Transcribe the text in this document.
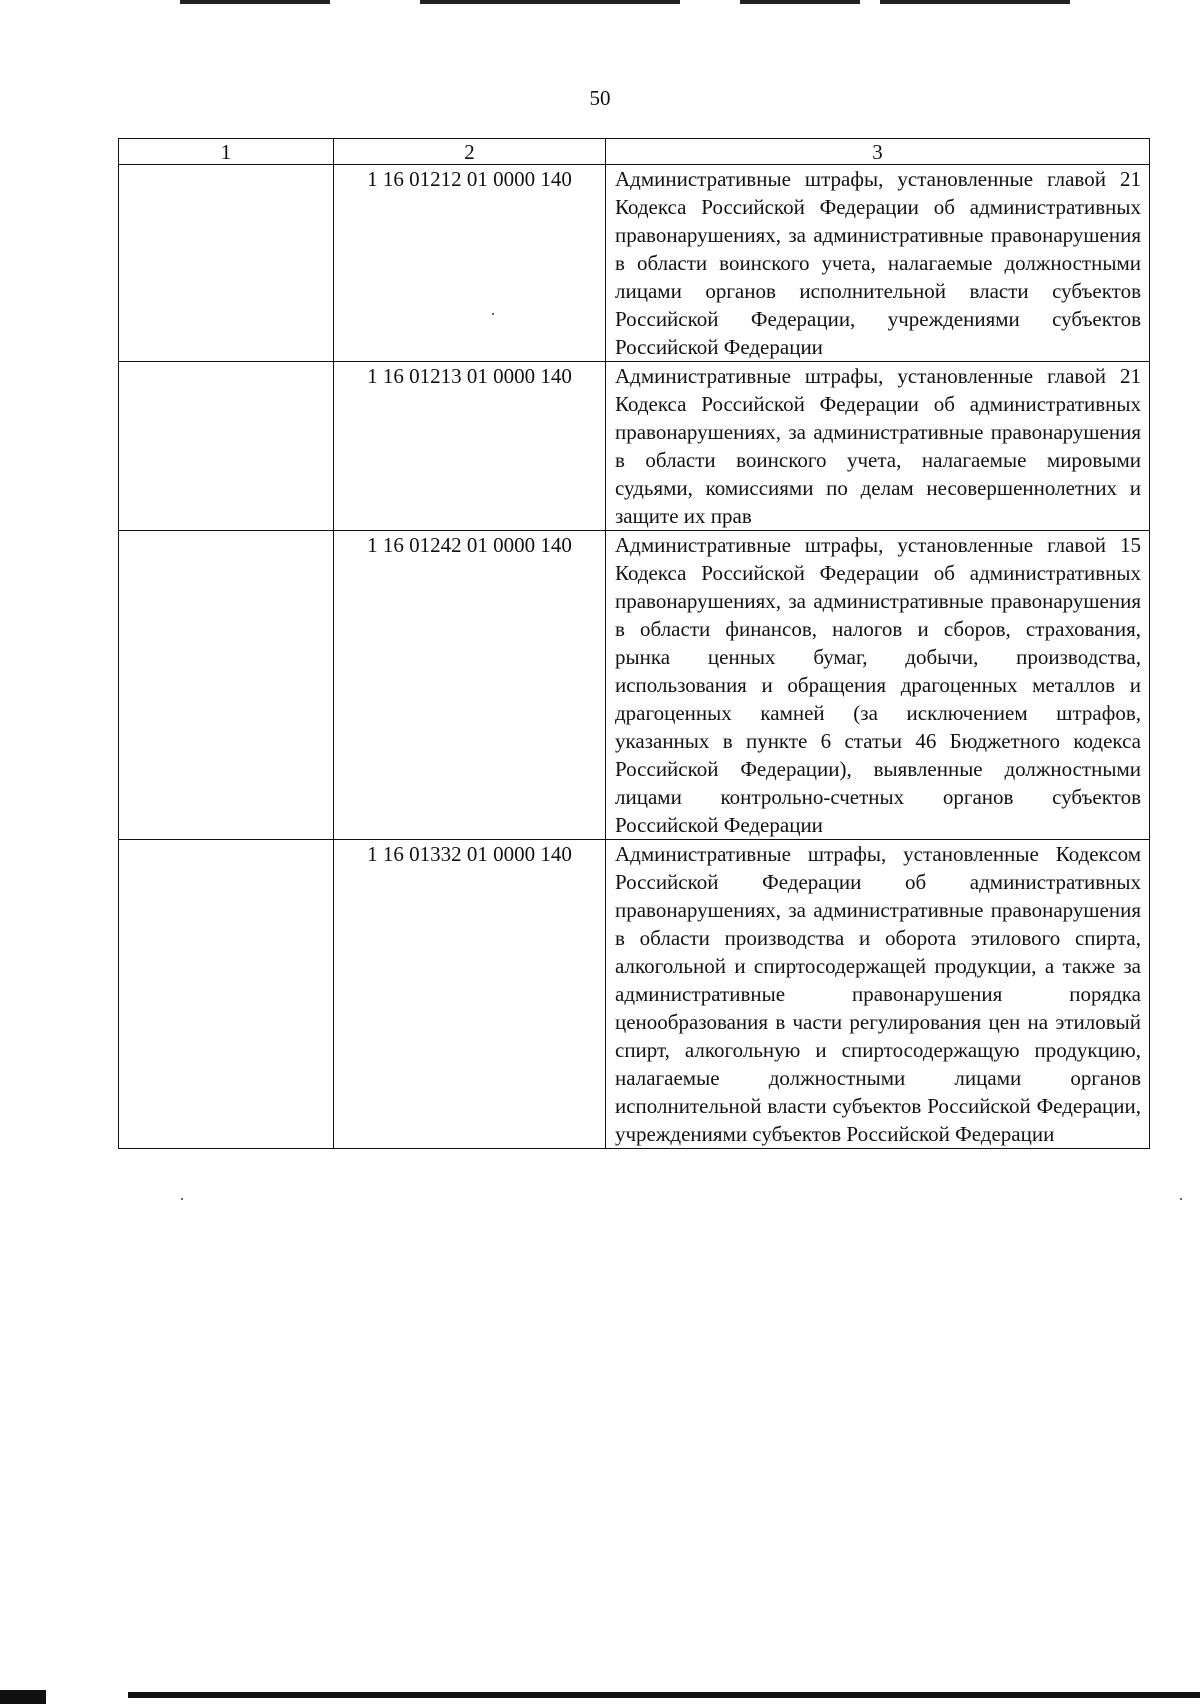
50
1	2	3
	1 16 01212 01 0000 140	Административные штрафы, установленные главой 21 Кодекса Российской Федерации об административных правонарушениях, за административные правонарушения в области воинского учета, налагаемые должностными лицами органов исполнительной власти субъектов Российской Федерации, учреждениями субъектов Российской Федерации
	1 16 01213 01 0000 140	Административные штрафы, установленные главой 21 Кодекса Российской Федерации об административных правонарушениях, за административные правонарушения в области воинского учета, налагаемые мировыми судьями, комиссиями по делам несовершеннолетних и защите их прав
	1 16 01242 01 0000 140	Административные штрафы, установленные главой 15 Кодекса Российской Федерации об административных правонарушениях, за административные правонарушения в области финансов, налогов и сборов, страхования, рынка ценных бумаг, добычи, производства, использования и обращения драгоценных металлов и драгоценных камней (за исключением штрафов, указанных в пункте 6 статьи 46 Бюджетного кодекса Российской Федерации), выявленные должностными лицами контрольно-счетных органов субъектов Российской Федерации
	1 16 01332 01 0000 140	Административные штрафы, установленные Кодексом Российской Федерации об административных правонарушениях, за административные правонарушения в области производства и оборота этилового спирта, алкогольной и спиртосодержащей продукции, а также за административные правонарушения порядка ценообразования в части регулирования цен на этиловый спирт, алкогольную и спиртосодержащую продукцию, налагаемые должностными лицами органов исполнительной власти субъектов Российской Федерации, учреждениями субъектов Российской Федерации
